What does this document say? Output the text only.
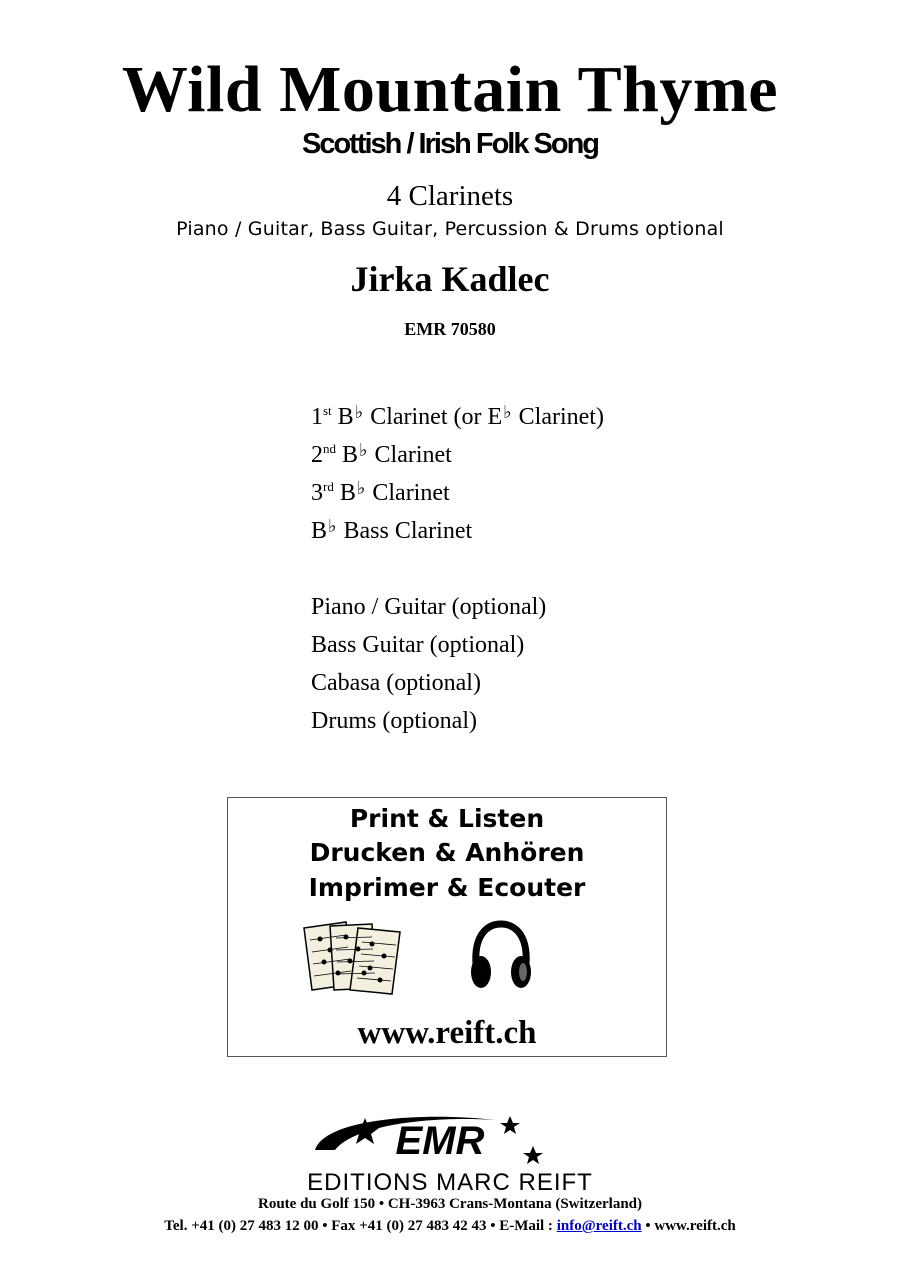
Wild Mountain Thyme
Scottish / Irish Folk Song
4 Clarinets
Piano / Guitar, Bass Guitar, Percussion & Drums optional
Jirka Kadlec
EMR 70580
1st B♭ Clarinet (or E♭ Clarinet)
2nd B♭ Clarinet
3rd B♭ Clarinet
B♭ Bass Clarinet
Piano / Guitar (optional)
Bass Guitar (optional)
Cabasa (optional)
Drums (optional)
Print & Listen
Drucken & Anhören
Imprimer & Ecouter
www.reift.ch
EMR
EDITIONS MARC REIFT
Route du Golf 150 • CH-3963 Crans-Montana (Switzerland)
Tel. +41 (0) 27 483 12 00 • Fax +41 (0) 27 483 42 43 • E-Mail : info@reift.ch • www.reift.ch
